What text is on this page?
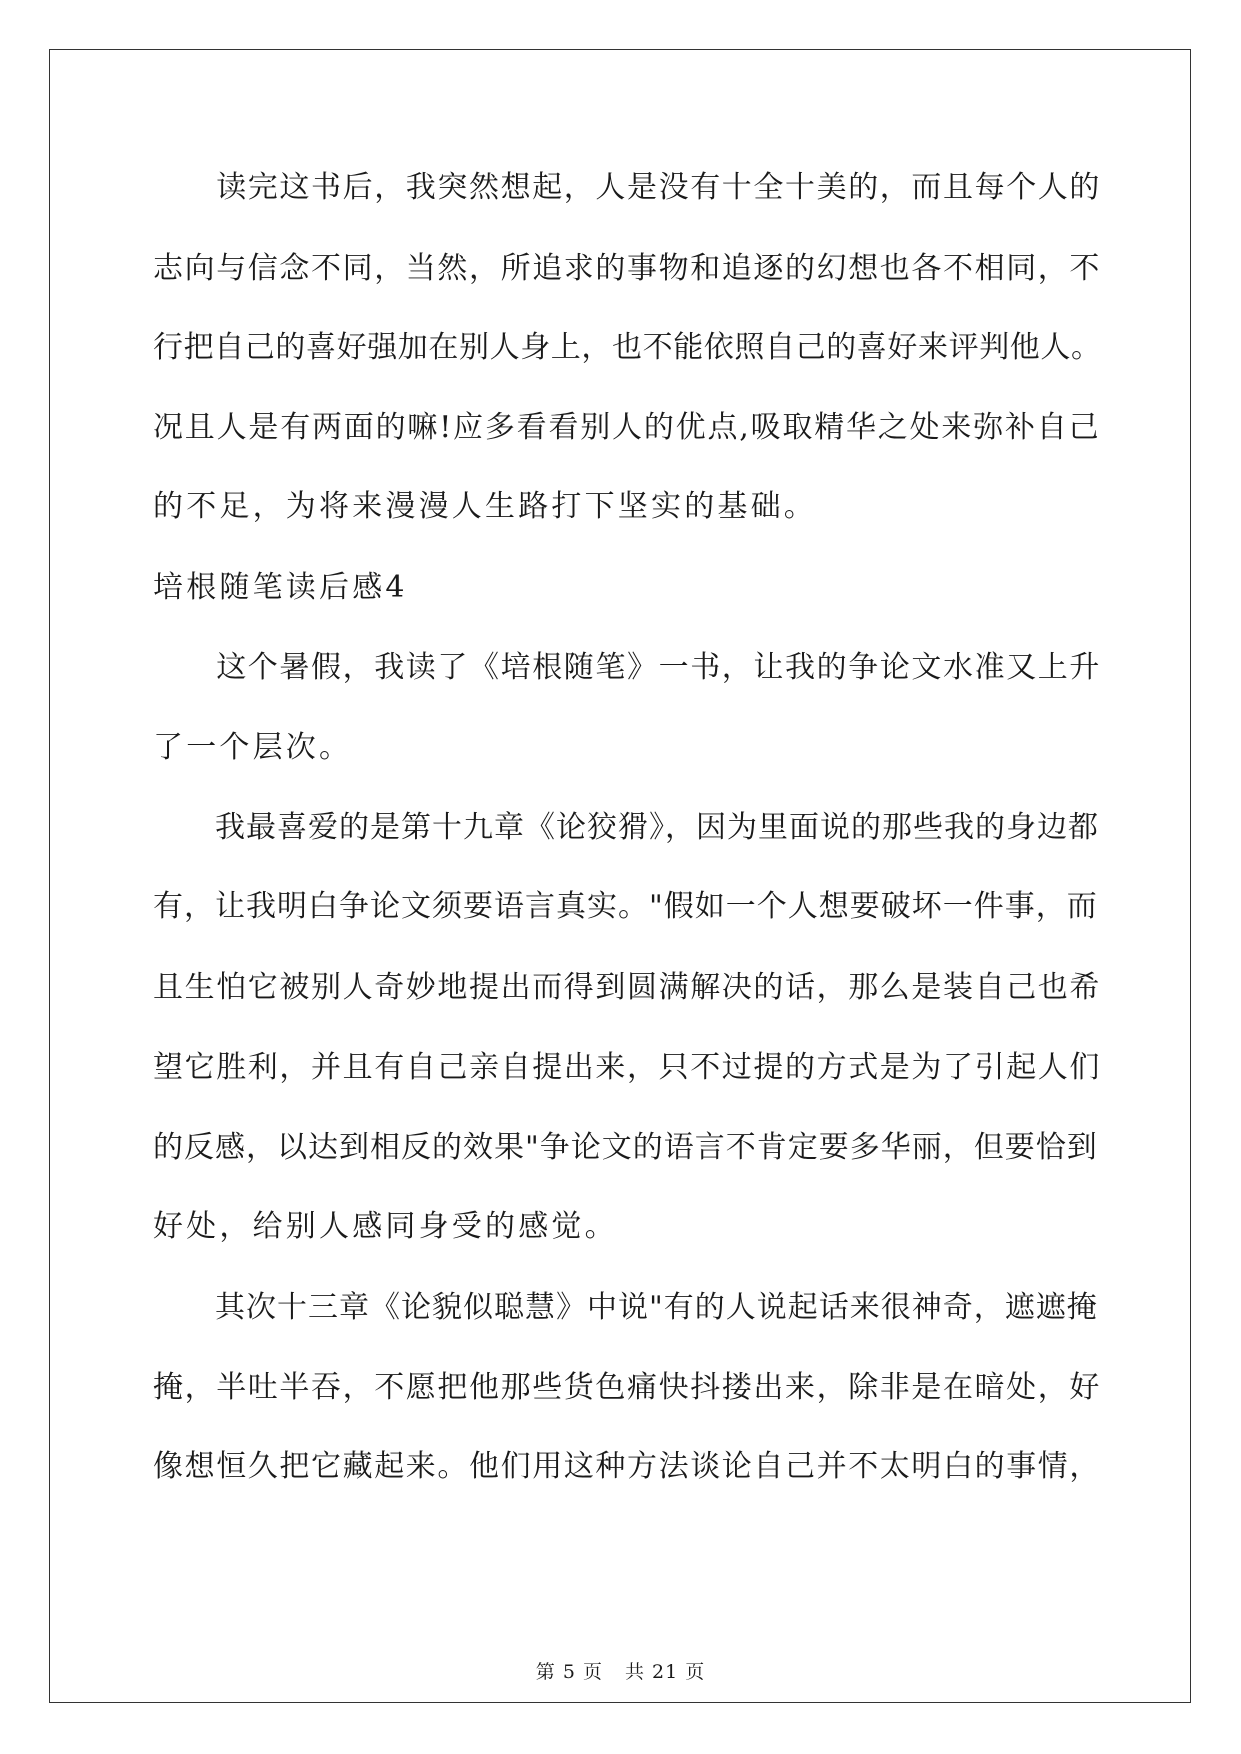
　　读完这书后，我突然想起，人是没有十全十美的，而且每个人的
志向与信念不同，当然，所追求的事物和追逐的幻想也各不相同，不
行把自己的喜好强加在别人身上，也不能依照自己的喜好来评判他人。
况且人是有两面的嘛!应多看看别人的优点,吸取精华之处来弥补自己
的不足，为将来漫漫人生路打下坚实的基础。
培根随笔读后感4
　　这个暑假，我读了《培根随笔》一书，让我的争论文水准又上升
了一个层次。
　　我最喜爱的是第十九章《论狡猾》，因为里面说的那些我的身边都
有，让我明白争论文须要语言真实。"假如一个人想要破坏一件事，而
且生怕它被别人奇妙地提出而得到圆满解决的话，那么是装自己也希
望它胜利，并且有自己亲自提出来，只不过提的方式是为了引起人们
的反感，以达到相反的效果"争论文的语言不肯定要多华丽，但要恰到
好处，给别人感同身受的感觉。
　　其次十三章《论貌似聪慧》中说"有的人说起话来很神奇，遮遮掩
掩，半吐半吞，不愿把他那些货色痛快抖搂出来，除非是在暗处，好
像想恒久把它藏起来。他们用这种方法谈论自己并不太明白的事情，
第 5 页 共 21 页
